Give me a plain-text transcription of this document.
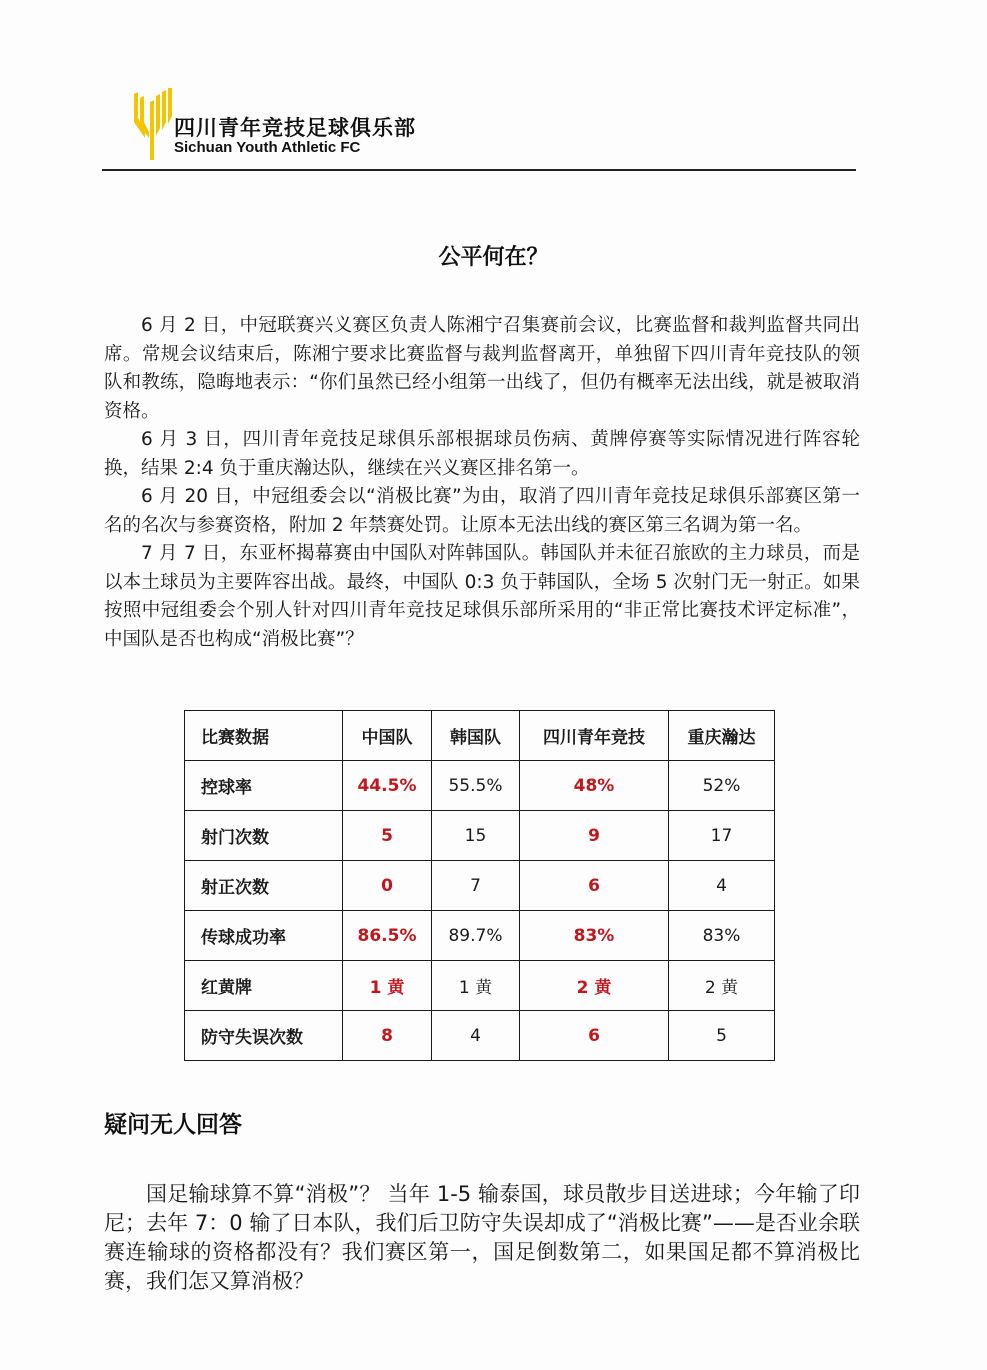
四川青年竞技足球俱乐部
Sichuan Youth Athletic FC
公平何在？

6 月 2 日，中冠联赛兴义赛区负责人陈湘宁召集赛前会议，比赛监督和裁判监督共同出席。常规会议结束后，陈湘宁要求比赛监督与裁判监督离开，单独留下四川青年竞技队的领队和教练，隐晦地表示：“你们虽然已经小组第一出线了，但仍有概率无法出线，就是被取消资格。

6 月 3 日，四川青年竞技足球俱乐部根据球员伤病、黄牌停赛等实际情况进行阵容轮换，结果 2:4 负于重庆瀚达队，继续在兴义赛区排名第一。

6 月 20 日，中冠组委会以“消极比赛”为由，取消了四川青年竞技足球俱乐部赛区第一名的名次与参赛资格，附加 2 年禁赛处罚。让原本无法出线的赛区第三名调为第一名。

7 月 7 日，东亚杯揭幕赛由中国队对阵韩国队。韩国队并未征召旅欧的主力球员，而是以本土球员为主要阵容出战。最终，中国队 0:3 负于韩国队，全场 5 次射门无一射正。如果按照中冠组委会个别人针对四川青年竞技足球俱乐部所采用的“非正常比赛技术评定标准”，中国队是否也构成“消极比赛”？

比赛数据	中国队	韩国队	四川青年竞技	重庆瀚达
控球率	44.5%	55.5%	48%	52%
射门次数	5	15	9	17
射正次数	0	7	6	4
传球成功率	86.5%	89.7%	83%	83%
红黄牌	1 黄	1 黄	2 黄	2 黄
防守失误次数	8	4	6	5
疑问无人回答

国足输球算不算“消极”？ 当年 1-5 输泰国，球员散步目送进球；今年输了印尼；去年 7：0 输了日本队，我们后卫防守失误却成了“消极比赛”——是否业余联赛连输球的资格都没有？我们赛区第一，国足倒数第二，如果国足都不算消极比赛，我们怎又算消极？
